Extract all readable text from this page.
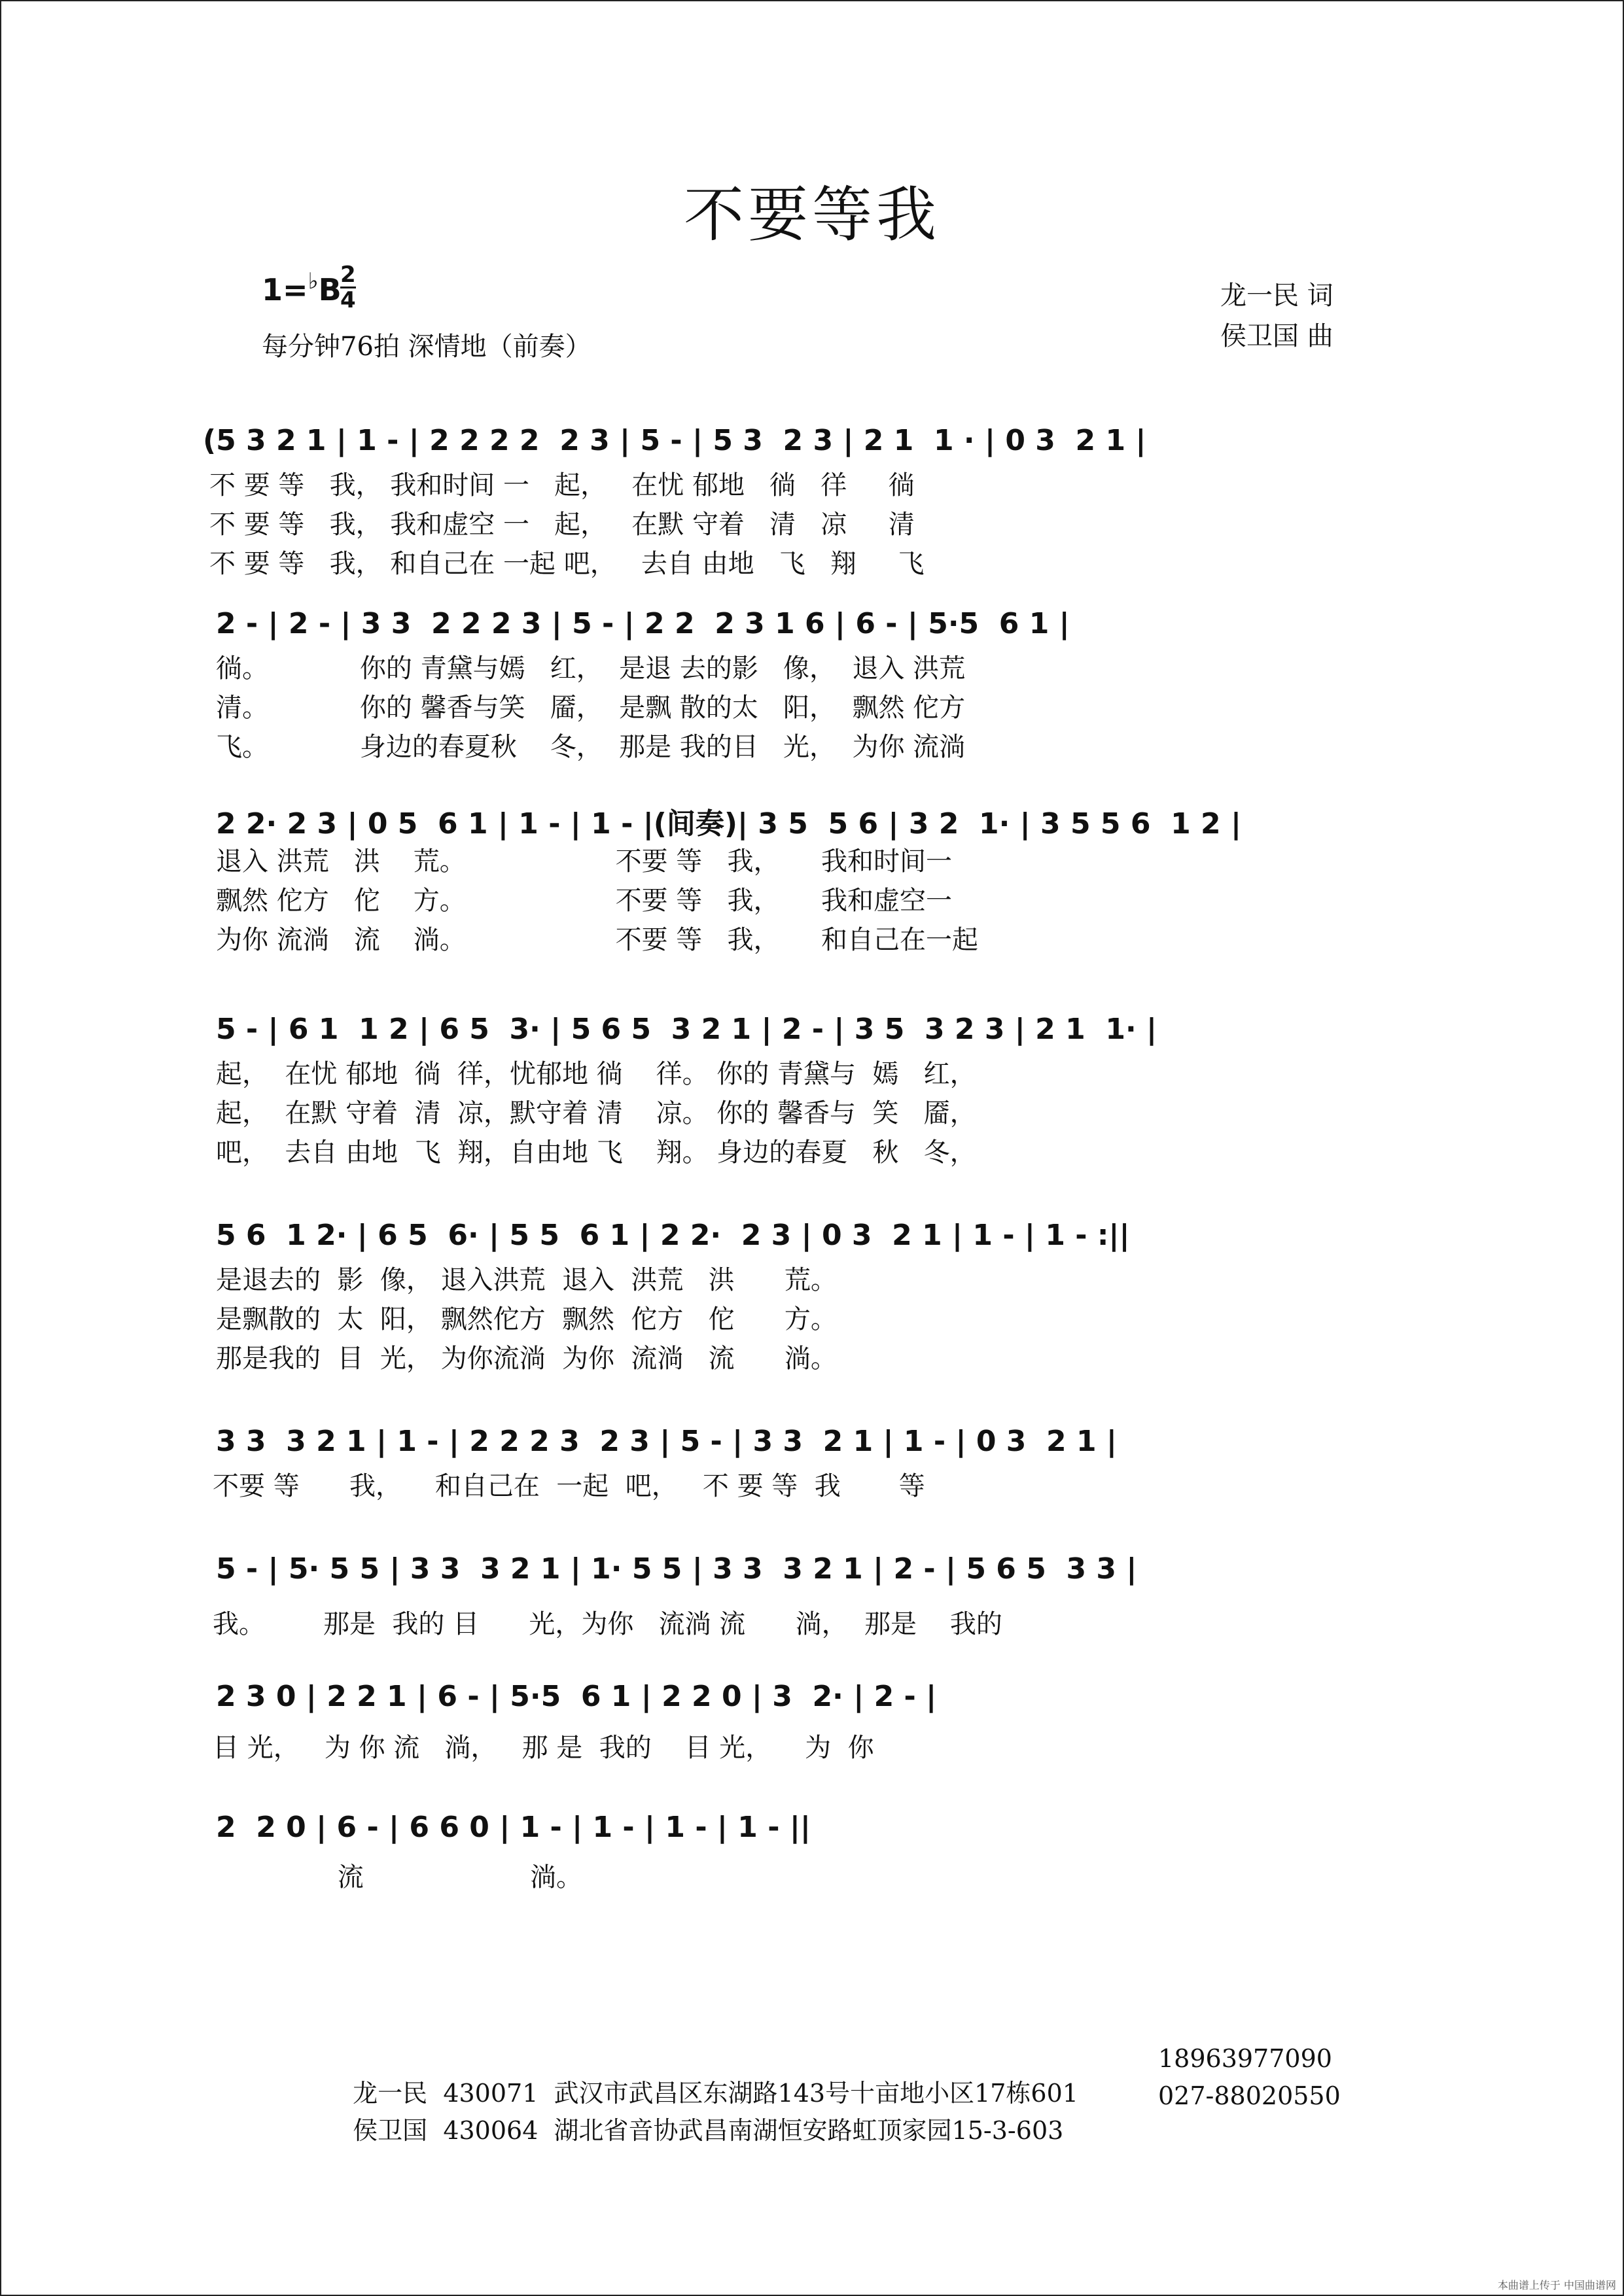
不要等我
1=♭B
$\frac{2}{4}$
每分钟76拍 深情地（前奏）
龙一民 词
侯卫国 曲
(5 3 2 1 | 1 - | 2 2 2 2  2 3 | 5 - | 5 3  2 3 | 2 1  1 · | 0 3  2 1 |
不 要 等   我， 我和时间 一   起，   在忧 郁地   徜   徉     徜
不 要 等   我， 我和虚空 一   起，   在默 守着   清   凉     清
不 要 等   我， 和自己在 一起 吧，   去自 由地   飞   翔     飞
2 - | 2 - | 3 3  2 2 2 3 | 5 - | 2 2  2 3 1 6 | 6 - | 5·5  6 1 |
徜。           你的 青黛与嫣   红，  是退 去的影   像，  退入 洪荒
清。           你的 馨香与笑   靥，  是飘 散的太   阳，  飘然 佗方
飞。           身边的春夏秋    冬，  那是 我的目   光，  为你 流淌
2 2· 2 3 | 0 5  6 1 | 1 - | 1 - |(间奏)| 3 5  5 6 | 3 2  1· | 3 5 5 6  1 2 |
退入 洪荒   洪    荒。                  不要 等   我，     我和时间一
飘然 佗方   佗    方。                  不要 等   我，     我和虚空一
为你 流淌   流    淌。                  不要 等   我，     和自己在一起
5 - | 6 1  1 2 | 6 5  3· | 5 6 5  3 2 1 | 2 - | 3 5  3 2 3 | 2 1  1· |
起，  在忧 郁地  徜  徉，忧郁地 徜    徉。 你的 青黛与  嫣   红，
起，  在默 守着  清  凉，默守着 清    凉。 你的 馨香与  笑   靥，
吧，  去自 由地  飞  翔，自由地 飞    翔。 身边的春夏   秋   冬，
5 6  1 2· | 6 5  6· | 5 5  6 1 | 2 2·  2 3 | 0 3  2 1 | 1 - | 1 - :||
是退去的  影  像， 退入洪荒  退入  洪荒   洪      荒。
是飘散的  太  阳， 飘然佗方  飘然  佗方   佗      方。
那是我的  目  光， 为你流淌  为你  流淌   流      淌。
3 3  3 2 1 | 1 - | 2 2 2 3  2 3 | 5 - | 3 3  2 1 | 1 - | 0 3  2 1 |
不要 等      我，    和自己在  一起  吧，   不 要 等  我       等
5 - | 5· 5 5 | 3 3  3 2 1 | 1· 5 5 | 3 3  3 2 1 | 2 - | 5 6 5  3 3 |
我。       那是  我的 目      光，为你   流淌 流      淌，  那是    我的
2 3 0 | 2 2 1 | 6 - | 5·5  6 1 | 2 2 0 | 3  2· | 2 - |
目 光，   为 你 流   淌，   那 是  我的    目 光，    为  你
2  2 0 | 6 - | 6 6 0 | 1 - | 1 - | 1 - | 1 - ||
流                    淌。

龙一民  430071  武汉市武昌区东湖路143号十亩地小区17栋601

18963977090

侯卫国  430064  湖北省音协武昌南湖恒安路虹顶家园15-3-603

027-88020550

本曲谱上传于 中国曲谱网
